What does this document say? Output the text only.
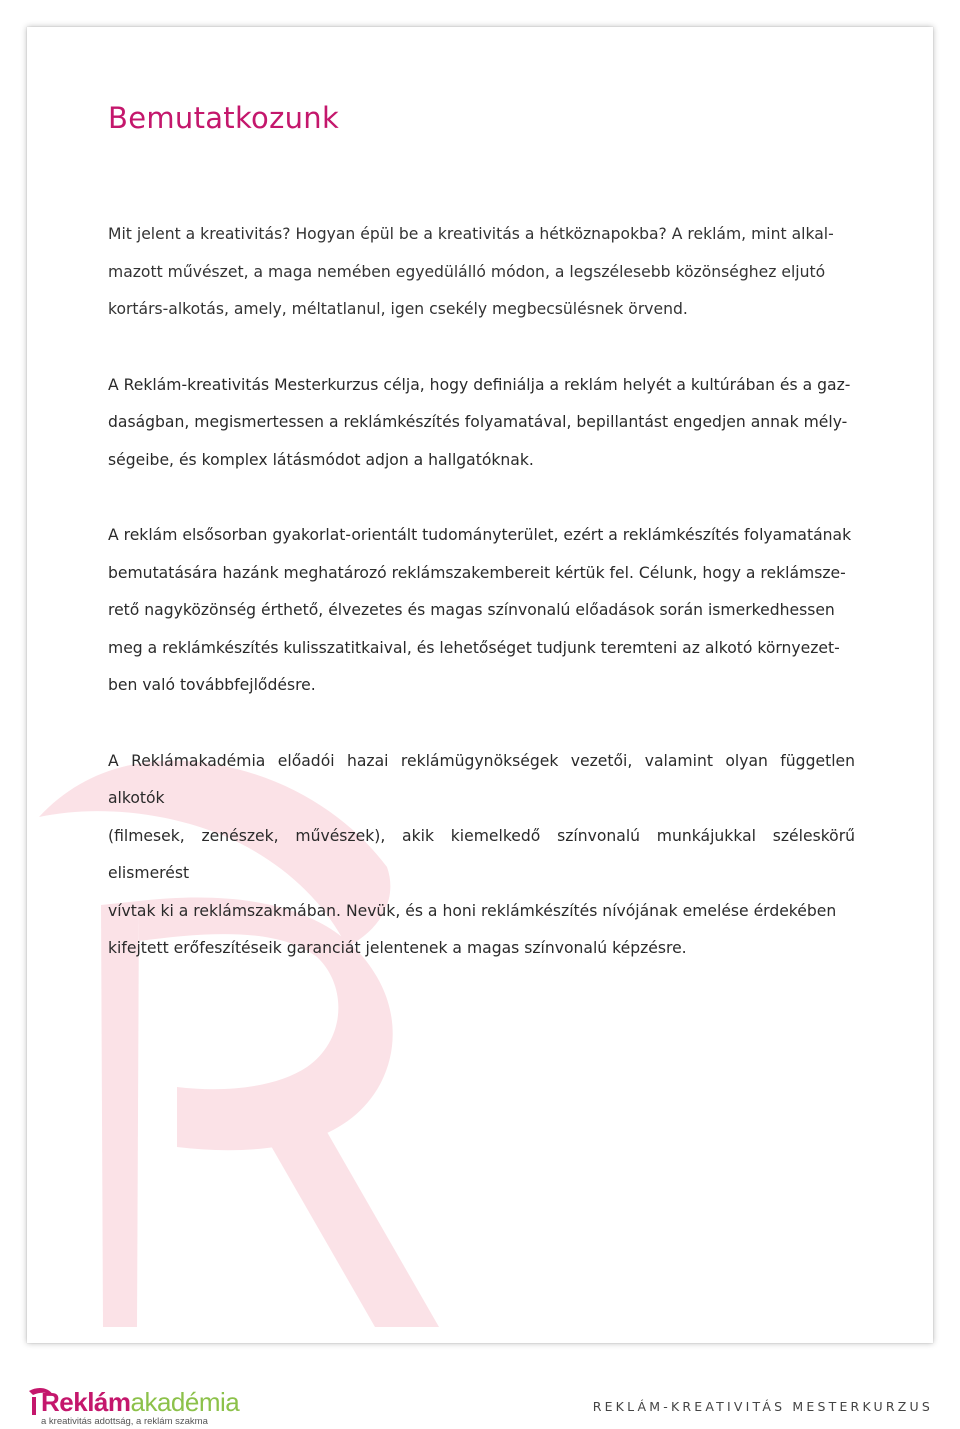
Bemutatkozunk

Mit jelent a kreativitás? Hogyan épül be a kreativitás a hétköznapokba? A reklám, mint alkal-
mazott művészet, a maga nemében egyedülálló módon, a legszélesebb közönséghez eljutó
kortárs-alkotás, amely, méltatlanul, igen csekély megbecsülésnek örvend.

A Reklám-kreativitás Mesterkurzus célja, hogy definiálja a reklám helyét a kultúrában és a gaz-
daságban, megismertessen a reklámkészítés folyamatával, bepillantást engedjen annak mély-
ségeibe, és komplex látásmódot adjon a hallgatóknak.

A reklám elsősorban gyakorlat-orientált tudományterület, ezért a reklámkészítés folyamatának
bemutatására hazánk meghatározó reklámszakembereit kértük fel. Célunk, hogy a reklámsze-
rető nagyközönség érthető, élvezetes és magas színvonalú előadások során ismerkedhessen
meg a reklámkészítés kulisszatitkaival, és lehetőséget tudjunk teremteni az alkotó környezet-
ben való továbbfejlődésre.

A Reklámakadémia előadói hazai reklámügynökségek vezetői, valamint olyan független alkotók
(filmesek, zenészek, művészek), akik kiemelkedő színvonalú munkájukkal széleskörű elismerést
vívtak ki a reklámszakmában. Nevük, és a honi reklámkészítés nívójának emelése érdekében
kifejtett erőfeszítéseik garanciát jelentenek a magas színvonalú képzésre.

Reklámakadémia
a kreativitás adottság, a reklám szakma
REKLÁM-KREATIVITÁS MESTERKURZUS
